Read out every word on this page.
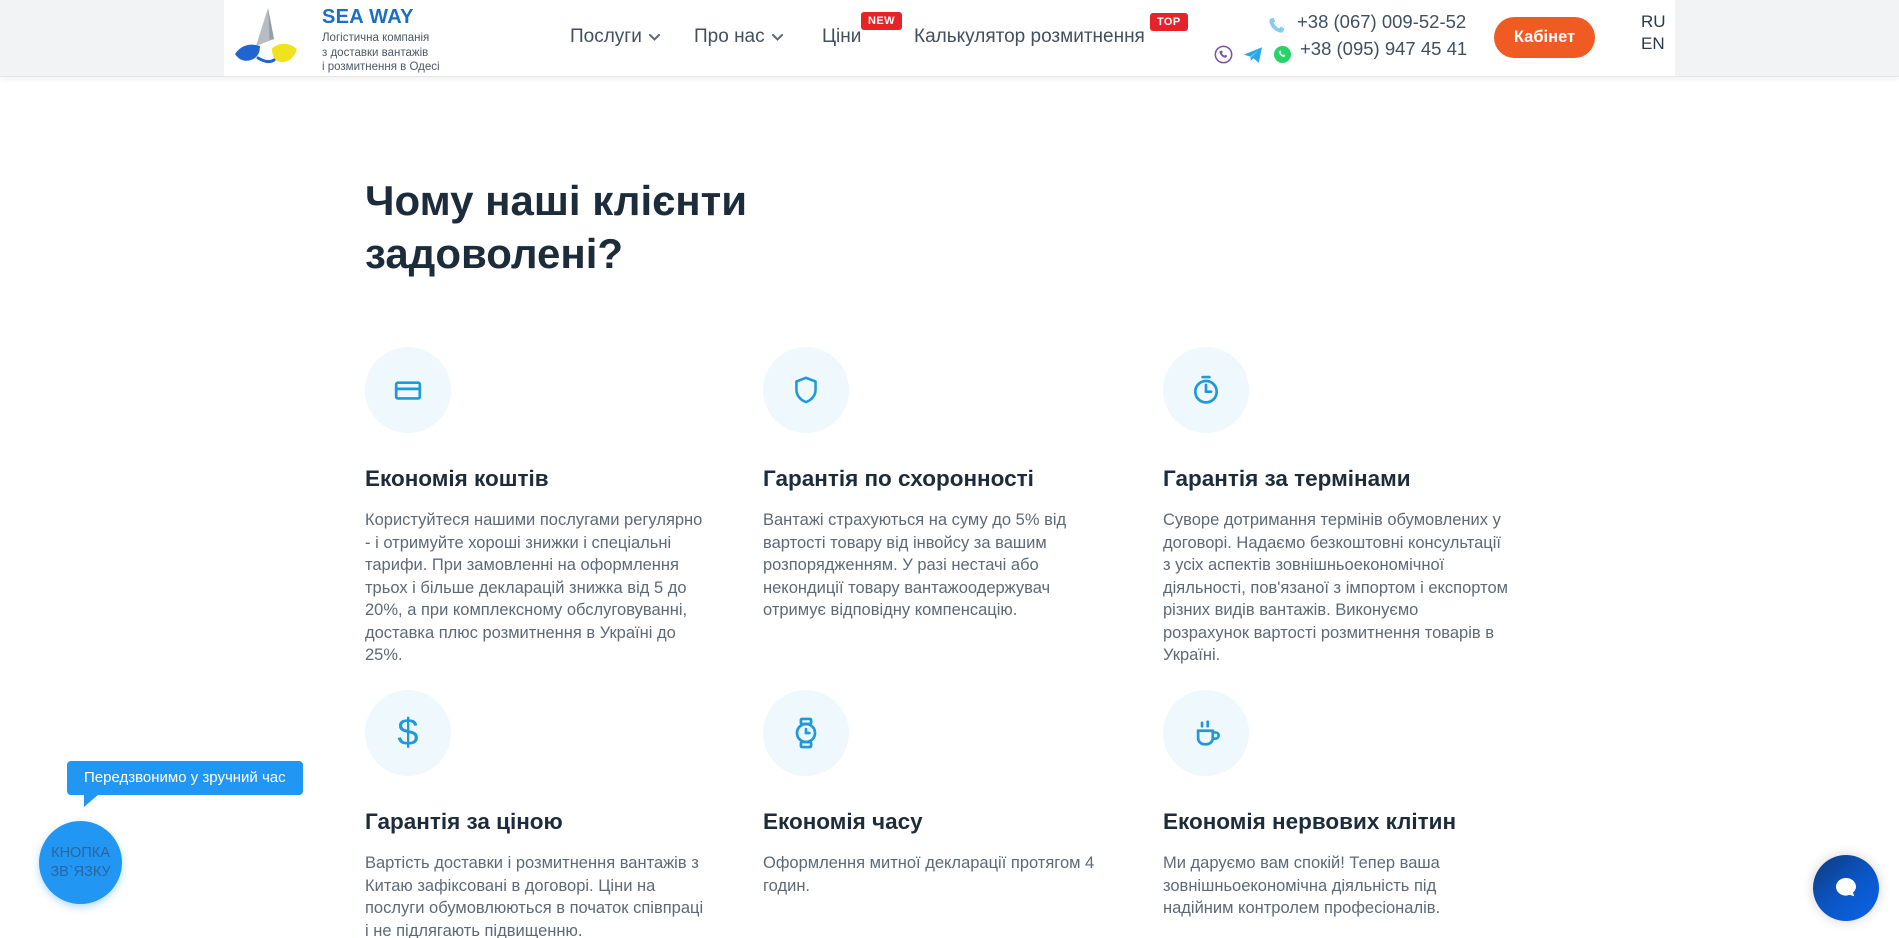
SEA WAY
Логістична компанія
з доставки вантажів
і розмитнення в Одесі
Послуги	Про нас	Ціни
NEW
Калькулятор розмитнення
TOP	+38 (067) 009-52-52
+38 (095) 947 45 41
Кабінет
RU
EN
Чому наші клієнти
задоволені?
Економія коштів

Користуйтеся нашими послугами регулярно - і отримуйте хороші знижки і спеціальні тарифи. При замовленні на оформлення трьох і більше декларацій знижка від 5 до 20%, а при комплексному обслуговуванні, доставка плюс розмитнення в Україні до 25%.

Гарантія по схоронності

Вантажі страхуються на суму до 5% від вартості товару від інвойсу за вашим розпорядженням. У разі нестачі або некондиції товару вантажоодержувач отримує відповідну компенсацію.

Гарантія за термінами

Суворе дотримання термінів обумовлених у договорі. Надаємо безкоштовні консультації з усіх аспектів зовнішньоекономічної діяльності, пов'язаної з імпортом і експортом різних видів вантажів. Виконуємо розрахунок вартості розмитнення товарів в Україні.

$
Гарантія за ціною

Вартість доставки і розмитнення вантажів з Китаю зафіксовані в договорі. Ціни на послуги обумовлюються в початок співпраці і не підлягають підвищенню.

Економія часу

Оформлення митної декларації протягом 4 годин.

Економія нервових клітин

Ми даруємо вам спокій! Тепер ваша зовнішньоекономічна діяльність під надійним контролем професіоналів.

Передзвонимо у зручний час
КНОПКА
ЗВ`ЯЗКУ
